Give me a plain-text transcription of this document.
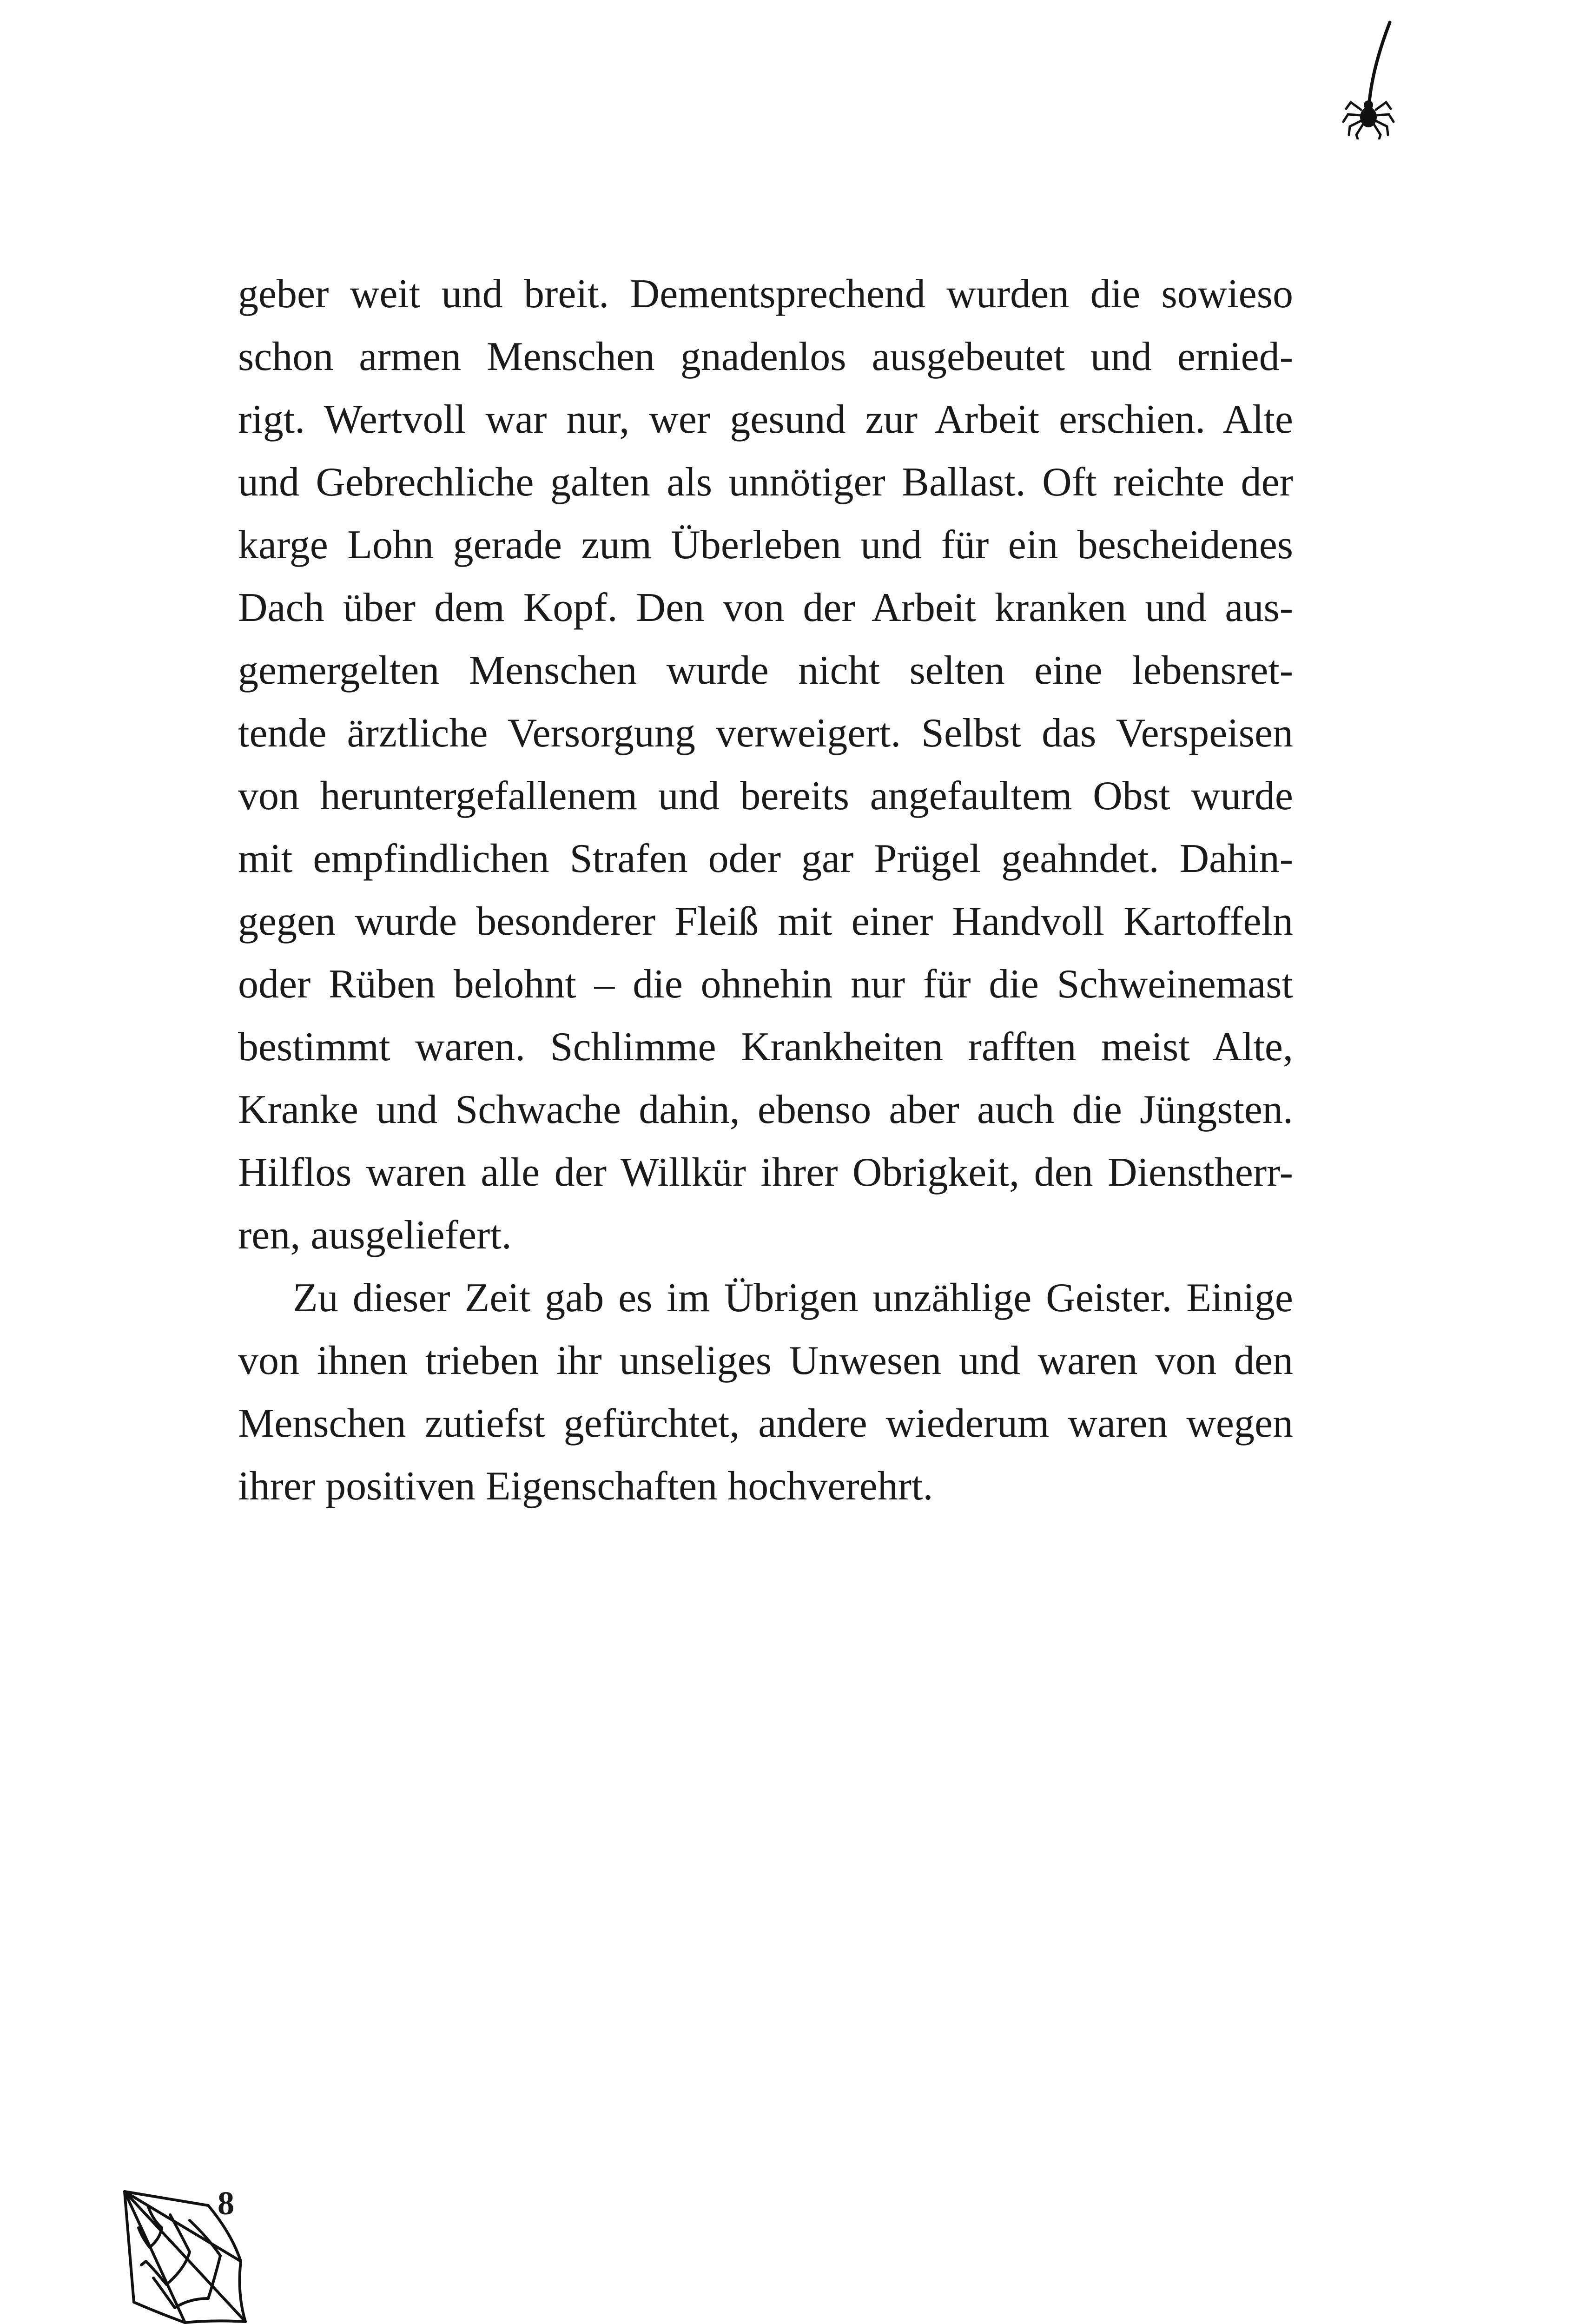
geber weit und breit. Dementsprechend wurden die sowieso
schon armen Menschen gnadenlos ausgebeutet und ernied-
rigt. Wertvoll war nur, wer gesund zur Arbeit erschien. Alte
und Gebrechliche galten als unnötiger Ballast. Oft reichte der
karge Lohn gerade zum Überleben und für ein bescheidenes
Dach über dem Kopf. Den von der Arbeit kranken und aus-
gemergelten Menschen wurde nicht selten eine lebensret-
tende ärztliche Versorgung verweigert. Selbst das Verspeisen
von heruntergefallenem und bereits angefaultem Obst wurde
mit empfindlichen Strafen oder gar Prügel geahndet. Dahin-
gegen wurde besonderer Fleiß mit einer Handvoll Kartoffeln
oder Rüben belohnt – die ohnehin nur für die Schweinemast
bestimmt waren. Schlimme Krankheiten rafften meist Alte,
Kranke und Schwache dahin, ebenso aber auch die Jüngsten.
Hilflos waren alle der Willkür ihrer Obrigkeit, den Dienstherr-
ren, ausgeliefert.
Zu dieser Zeit gab es im Übrigen unzählige Geister. Einige
von ihnen trieben ihr unseliges Unwesen und waren von den
Menschen zutiefst gefürchtet, andere wiederum waren wegen
ihrer positiven Eigenschaften hochverehrt.
8
